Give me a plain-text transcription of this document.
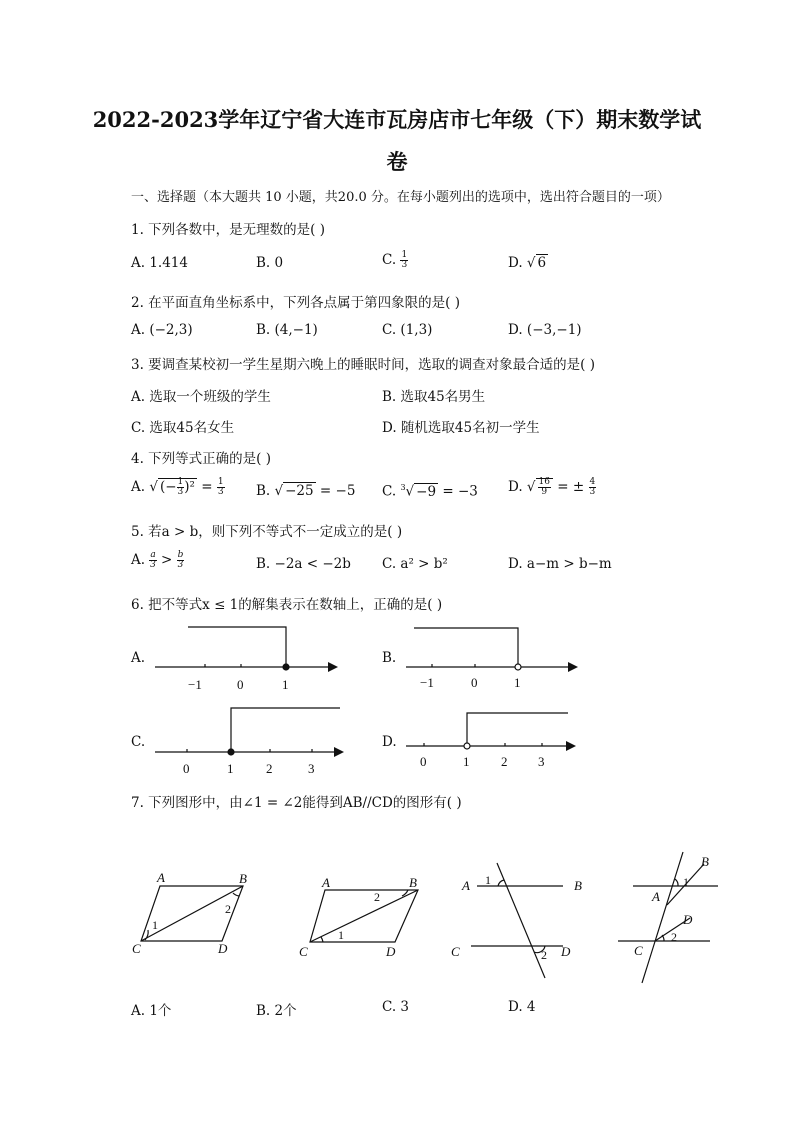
2022-2023学年辽宁省大连市瓦房店市七年级（下）期末数学试
卷
一、选择题（本大题共 10 小题，共20.0 分。在每小题列出的选项中，选出符合题目的一项）
1. 下列各数中，是无理数的是( )
A. 1.414	B. 0	C. $\frac{1}{3}$	D. √ 6
2. 在平面直角坐标系中，下列各点属于第四象限的是( )
A. (−2,3)	B. (4,−1)	C. (1,3)	D. (−3,−1)
3. 要调查某校初一学生星期六晚上的睡眠时间，选取的调查对象最合适的是( )
A. 选取一个班级的学生	B. 选取45名男生
C. 选取45名女生	D. 随机选取45名初一学生
4. 下列等式正确的是( )
A. √ (− $\frac{1}{3} )^2 = \frac{1}{3} B$. √ −25 = −5 C. $^3$√ −9 = −3 D. √ $\frac{16}{9}$ = ± $\frac{4}{3}$
5. 若a > b，则下列不等式不一定成立的是( )
A. $\frac{a}{3} > \frac{b}{3}$	B. −2a < −2b C. a² > b²	D. a−m > b−m
6. 把不等式x ≤ 1的解集表示在数轴上，正确的是( )
A.	B.
C.	D.
−1	0	1	−1	0	1
0	1	2	3	0	1 2 3
A	B
C	D
A	B
C	D
A	B
C	D
B
A
D
C
1
2
1
2
1
2
1
2
7. 下列图形中，由∠1 = ∠2能得到AB//CD的图形有( )
A. 1个	B. 2个	C. 3	D. 4
